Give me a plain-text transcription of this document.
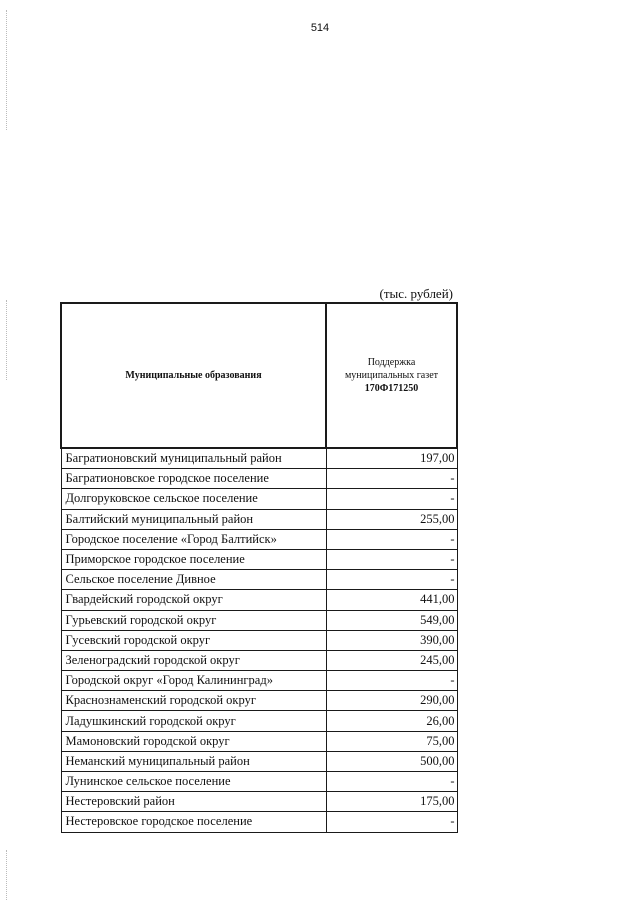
514
(тыс. рублей)
Муниципальные образования	Поддержка
муниципальных газет
170Ф171250

Багратионовский муниципальный район	197,00
Багратионовское городское поселение	-
Долгоруковское сельское поселение	-
Балтийский муниципальный район	255,00
Городское поселение «Город Балтийск»	-
Приморское городское поселение	-
Сельское поселение Дивное	-
Гвардейский городской округ	441,00
Гурьевский городской округ	549,00
Гусевский городской округ	390,00
Зеленоградский городской округ	245,00
Городской округ «Город Калининград»	-
Краснознаменский городской округ	290,00
Ладушкинский городской округ	26,00
Мамоновский городской округ	75,00
Неманский муниципальный район	500,00
Лунинское сельское поселение	-
Нестеровский район	175,00
Нестеровское городское поселение	-
